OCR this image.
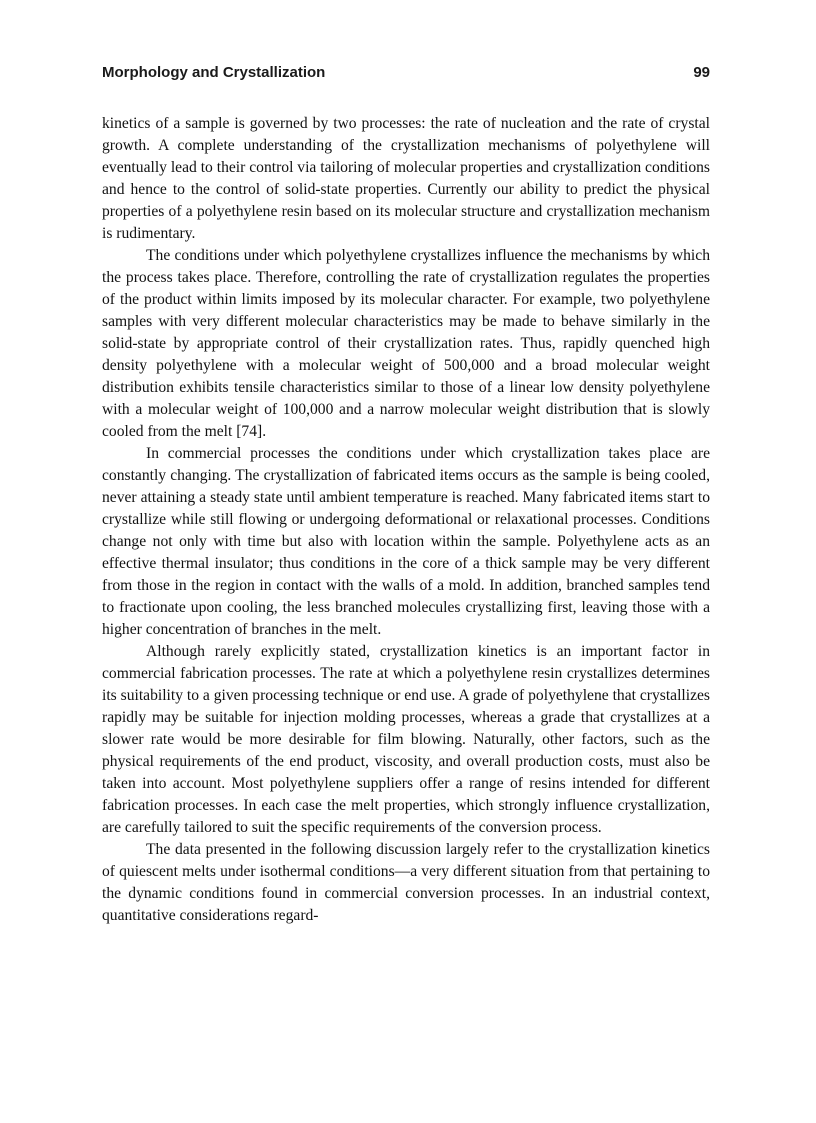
Morphology and Crystallization	99

kinetics of a sample is governed by two processes: the rate of nucleation and the rate of crystal growth. A complete understanding of the crystallization mechanisms of polyethylene will eventually lead to their control via tailoring of molecular properties and crystallization conditions and hence to the control of solid-state properties. Currently our ability to predict the physical properties of a polyethylene resin based on its molecular structure and crystallization mechanism is rudimentary.

The conditions under which polyethylene crystallizes influence the mechanisms by which the process takes place. Therefore, controlling the rate of crystallization regulates the properties of the product within limits imposed by its molecular character. For example, two polyethylene samples with very different molecular characteristics may be made to behave similarly in the solid-state by appropriate control of their crystallization rates. Thus, rapidly quenched high density polyethylene with a molecular weight of 500,000 and a broad molecular weight distribution exhibits tensile characteristics similar to those of a linear low density polyethylene with a molecular weight of 100,000 and a narrow molecular weight distribution that is slowly cooled from the melt [74].

In commercial processes the conditions under which crystallization takes place are constantly changing. The crystallization of fabricated items occurs as the sample is being cooled, never attaining a steady state until ambient temperature is reached. Many fabricated items start to crystallize while still flowing or undergoing deformational or relaxational processes. Conditions change not only with time but also with location within the sample. Polyethylene acts as an effective thermal insulator; thus conditions in the core of a thick sample may be very different from those in the region in contact with the walls of a mold. In addition, branched samples tend to fractionate upon cooling, the less branched molecules crystallizing first, leaving those with a higher concentration of branches in the melt.

Although rarely explicitly stated, crystallization kinetics is an important factor in commercial fabrication processes. The rate at which a polyethylene resin crystallizes determines its suitability to a given processing technique or end use. A grade of polyethylene that crystallizes rapidly may be suitable for injection molding processes, whereas a grade that crystallizes at a slower rate would be more desirable for film blowing. Naturally, other factors, such as the physical requirements of the end product, viscosity, and overall production costs, must also be taken into account. Most polyethylene suppliers offer a range of resins intended for different fabrication processes. In each case the melt properties, which strongly influence crystallization, are carefully tailored to suit the specific requirements of the conversion process.

The data presented in the following discussion largely refer to the crystallization kinetics of quiescent melts under isothermal conditions—a very different situation from that pertaining to the dynamic conditions found in commercial conversion processes. In an industrial context, quantitative considerations regard-
